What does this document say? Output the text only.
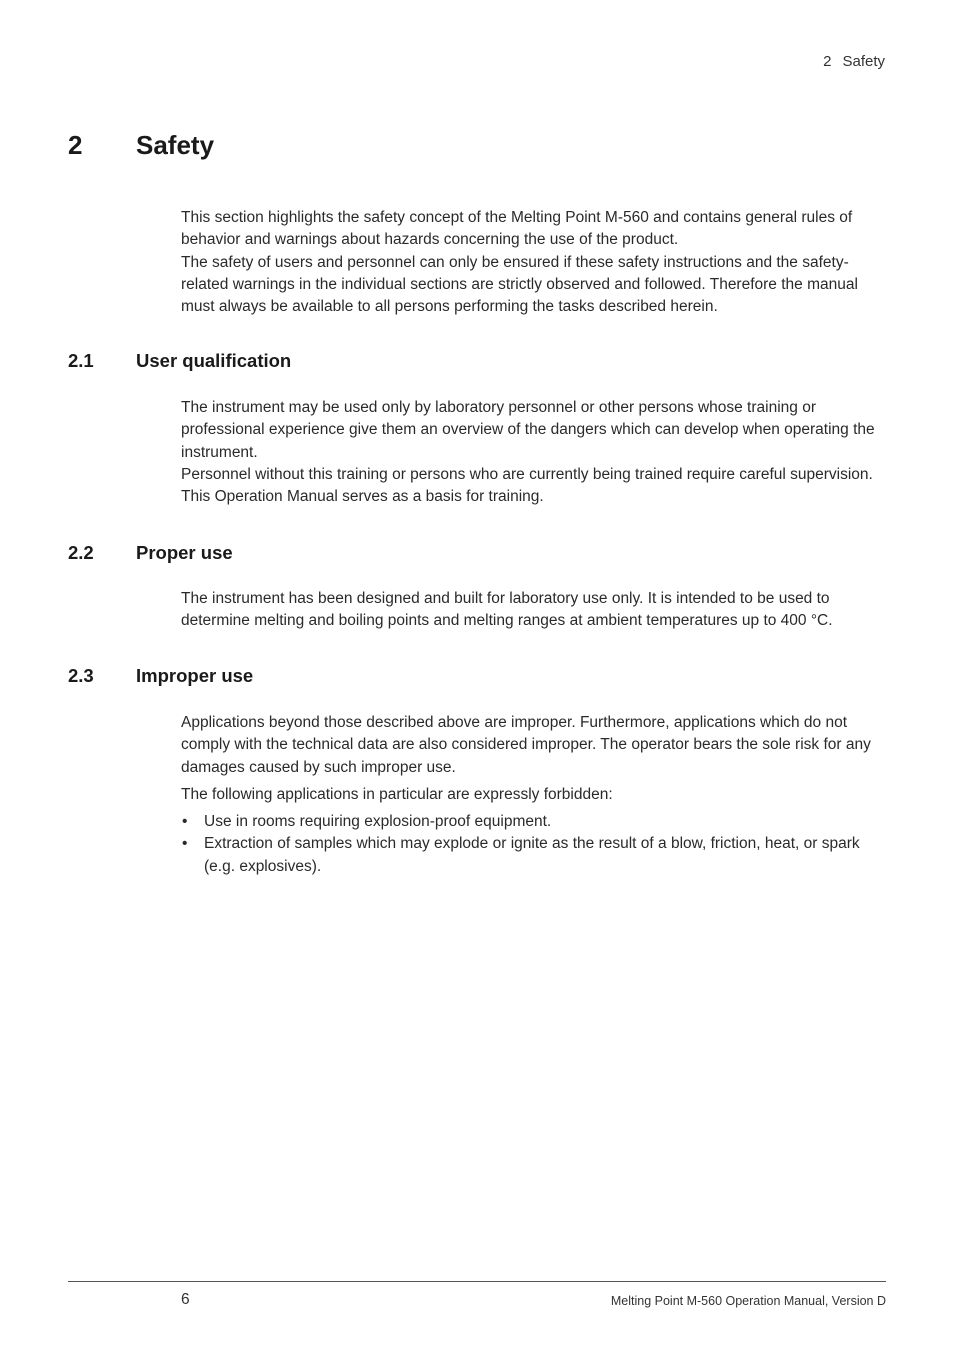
2 Safety
2 Safety

This section highlights the safety concept of the Melting Point M-560 and contains general rules of behavior and warnings about hazards concerning the use of the product.

The safety of users and personnel can only be ensured if these safety instructions and the safety-related warnings in the individual sections are strictly observed and followed. Therefore the manual must always be available to all persons performing the tasks described herein.

2.1 User qualification

The instrument may be used only by laboratory personnel or other persons whose training or professional experience give them an overview of the dangers which can develop when operating the instrument.

Personnel without this training or persons who are currently being trained require careful supervision. This Operation Manual serves as a basis for training.

2.2 Proper use

The instrument has been designed and built for laboratory use only. It is intended to be used to determine melting and boiling points and melting ranges at ambient temperatures up to 400 °C.

2.3 Improper use

Applications beyond those described above are improper. Furthermore, applications which do not comply with the technical data are also considered improper. The operator bears the sole risk for any damages caused by such improper use.

The following applications in particular are expressly forbidden:

• Use in rooms requiring explosion-proof equipment.
• Extraction of samples which may explode or ignite as the result of a blow, friction, heat, or spark (e.g. explosives).
6	Melting Point M-560 Operation Manual, Version D
